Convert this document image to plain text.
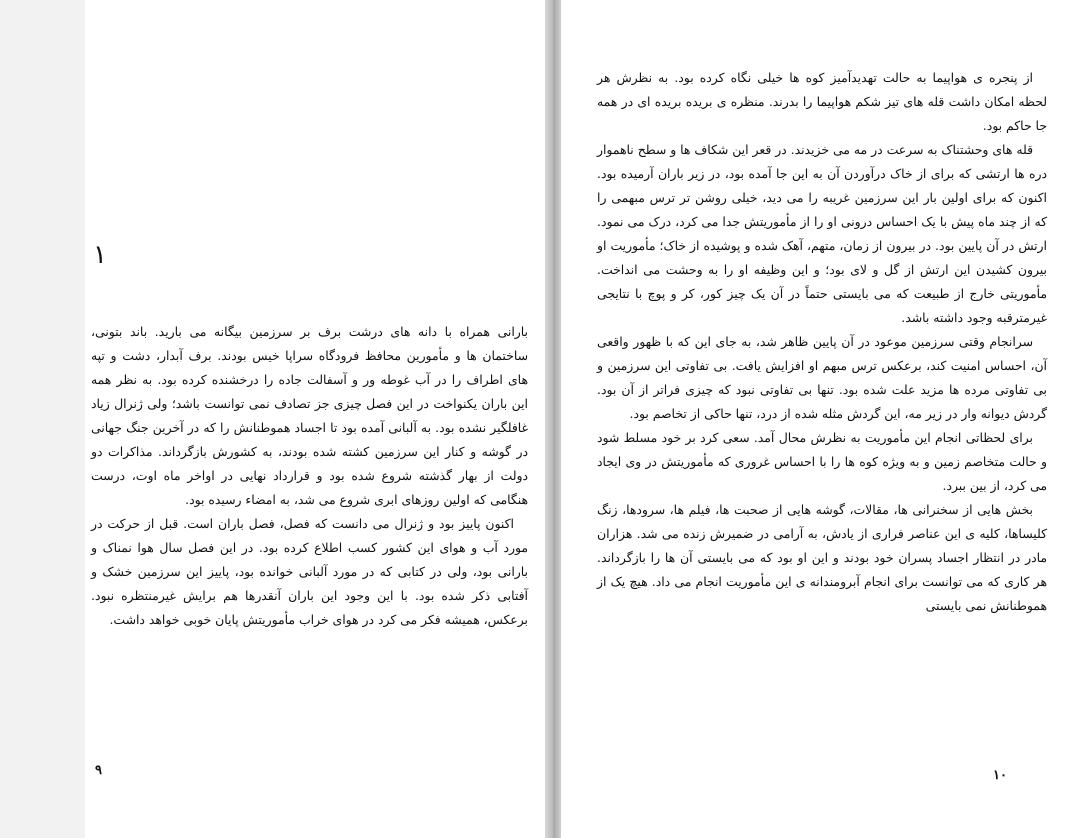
۱

بارانی همراه با دانه های درشت برف بر سرزمین بیگانه می بارید. باند بتونی، ساختمان ها و مأمورین محافظ فرودگاه سراپا خیس بودند. برف آبدار، دشت و تپه های اطراف را در آب غوطه ور و آسفالت جاده را درخشنده کرده بود. به نظر همه این باران یکنواخت در این فصل چیزی جز تصادف نمی توانست باشد؛ ولی ژنرال زیاد غافلگیر نشده بود. به آلبانی آمده بود تا اجساد هموطنانش را که در آخرین جنگ جهانی در گوشه و کنار این سرزمین کشته شده بودند، به کشورش بازگرداند. مذاکرات دو دولت از بهار گذشته شروع شده بود و قرارداد نهایی در اواخر ماه اوت، درست هنگامی که اولین روزهای ابری شروع می شد، به امضاء رسیده بود.

اکنون پاییز بود و ژنرال می دانست که فصل، فصل باران است. قبل از حرکت در مورد آب و هوای این کشور کسب اطلاع کرده بود. در این فصل سال هوا نمناک و بارانی بود، ولی در کتابی که در مورد آلبانی خوانده بود، پاییز این سرزمین خشک و آفتابی ذکر شده بود. با این وجود این باران آنقدرها هم برایش غیرمنتظره نبود. برعکس، همیشه فکر می کرد در هوای خراب مأموریتش پایان خوبی خواهد داشت.

۹

از پنجره ی هواپیما به حالت تهدیدآمیز کوه ها خیلی نگاه کرده بود. به نظرش هر لحظه امکان داشت قله های تیز شکم هواپیما را بدرند. منظره ی بریده بریده ای در همه جا حاکم بود.

قله های وحشتناک به سرعت در مه می خزیدند. در قعر این شکاف ها و سطح ناهموار دره ها ارتشی که برای از خاک درآوردن آن به این جا آمده بود، در زیر باران آرمیده بود. اکنون که برای اولین بار این سرزمین غریبه را می دید، خیلی روشن تر ترس مبهمی را که از چند ماه پیش با یک احساس درونی او را از مأموریتش جدا می کرد، درک می نمود. ارتش در آن پایین بود. در بیرون از زمان، متهم، آهک شده و پوشیده از خاک؛ مأموریت او بیرون کشیدن این ارتش از گل و لای بود؛ و این وظیفه او را به وحشت می انداخت. مأموریتی خارج از طبیعت که می بایستی حتماً در آن یک چیز کور، کر و پوچ با نتایجی غیرمترقبه وجود داشته باشد.

سرانجام وقتی سرزمین موعود در آن پایین ظاهر شد، به جای این که با ظهور واقعی آن، احساس امنیت کند، برعکس ترس مبهم او افزایش یافت. بی تفاوتی این سرزمین و بی تفاوتی مرده ها مزید علت شده بود. تنها بی تفاوتی نبود که چیزی فراتر از آن بود. گردش دیوانه وار در زیر مه، این گردش مثله شده از درد، تنها حاکی از تخاصم بود.

برای لحظاتی انجام این مأموریت به نظرش محال آمد. سعی کرد بر خود مسلط شود و حالت متخاصم زمین و به ویژه کوه ها را با احساس غروری که مأموریتش در وی ایجاد می کرد، از بین ببرد.

بخش هایی از سخنرانی ها، مقالات، گوشه هایی از صحبت ها، فیلم ها، سرودها، زنگ کلیساها، کلیه ی این عناصر فراری از یادش، به آرامی در ضمیرش زنده می شد. هزاران مادر در انتظار اجساد پسران خود بودند و این او بود که می بایستی آن ها را بازگرداند. هر کاری که می توانست برای انجام آبرومندانه ی این مأموریت انجام می داد. هیچ یک از هموطنانش نمی بایستی

۱۰
